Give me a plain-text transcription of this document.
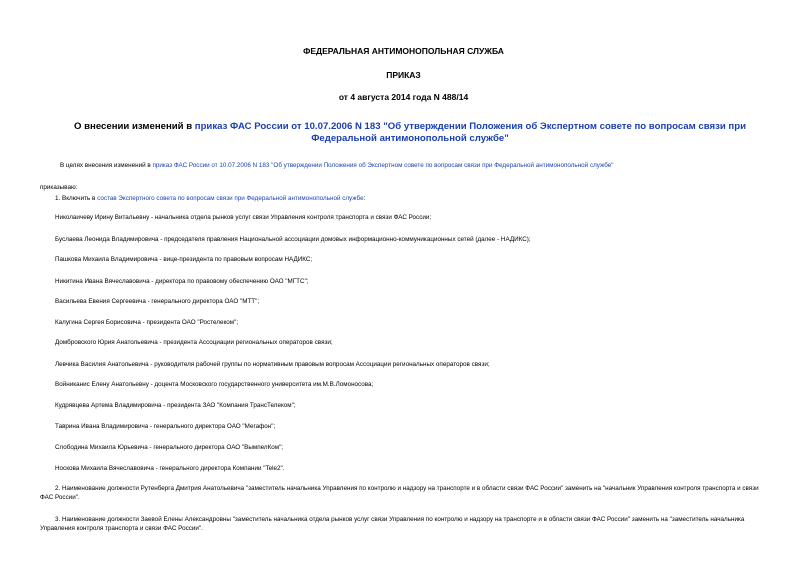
ФЕДЕРАЛЬНАЯ АНТИМОНОПОЛЬНАЯ СЛУЖБА
ПРИКАЗ
от 4 августа 2014 года N 488/14
О внесении изменений в приказ ФАС России от 10.07.2006 N 183 "Об утверждении Положения об Экспертном совете по вопросам связи при Федеральной антимонопольной службе"
В целях внесения изменений в приказ ФАС России от 10.07.2006 N 183 "Об утверждении Положения об Экспертном совете по вопросам связи при Федеральной антимонопольной службе"
приказываю:
1. Включить в состав Экспертного совета по вопросам связи при Федеральной антимонопольной службе:
Николаичеву Ирину Витальевну - начальника отдела рынков услуг связи Управления контроля транспорта и связи ФАС России;
Буслаева Леонида Владимировича - председателя правления Национальной ассоциации домовых информационно-коммуникационных сетей (далее - НАДИКС);
Пашкова Михаила Владимировича - вице-президента по правовым вопросам НАДИКС;
Никитина Ивана Вячеславовича - директора по правовому обеспечению ОАО "МГТС";
Васильева Евения Сергеевича - генерального директора ОАО "МТТ";
Калугина Сергея Борисовича - президента ОАО "Ростелеком";
Домбровского Юрия Анатольевича - президента Ассоциации региональных операторов связи;
Левчика Василия Анатольевича - руководителя рабочей группы по нормативным правовым вопросам Ассоциации региональных операторов связи;
Войниканис Елену Анатольевну - доцента Московского государственного университета им.М.В.Ломоносова;
Кудрявцева Артема Владимировича - президента ЗАО "Компания ТрансТелеком";
Таврина Ивана Владимировича - генерального директора ОАО "Мегафон";
Слободина Михаила Юрьевича - генерального директора ОАО "ВымпелКом";
Носкова Михаила Вячеславовича - генерального директора Компании "Tele2".
2. Наименование должности Рутенберга Дмитрия Анатольевича "заместитель начальника Управления по контролю и надзору на транспорте и в области связи ФАС России" заменить на "начальник Управления контроля транспорта и связи ФАС России".
3. Наименование должности Заевой Елены Александровны "заместитель начальника отдела рынков услуг связи Управления по контролю и надзору на транспорте и в области связи ФАС России" заменить на "заместитель начальника Управления контроля транспорта и связи ФАС России".
